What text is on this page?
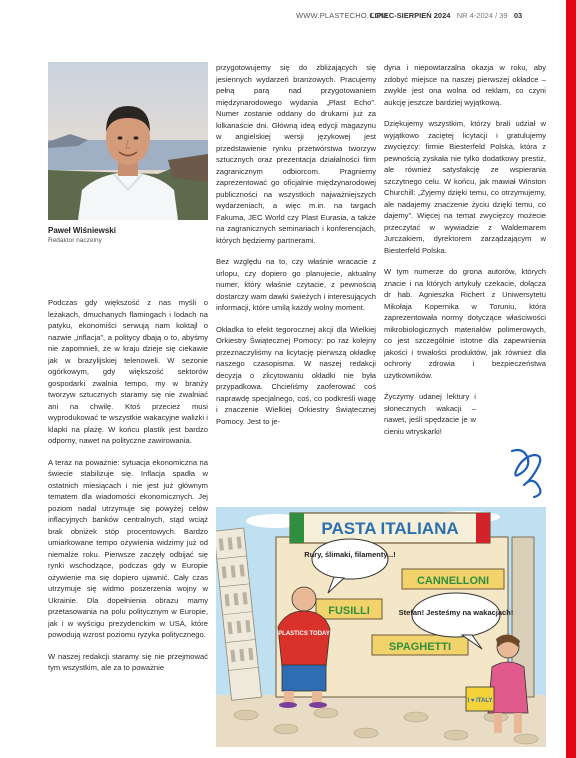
WWW.PLASTECHO.COM
LIPIEC-SIERPIEŃ 2024 NR 4-2024 / 39 03
Paweł Wiśniewski
Redaktor naczelny

Podczas gdy większość z nas myśli o leżakach, dmuchanych flamingach i lodach na patyku, ekonomiści serwują nam koktajl o nazwie „inflacja”, a politycy dbają o to, abyśmy nie zapomnieli, że w kraju dzieje się ciekawie jak w brazylijskiej telenoweli. W sezonie ogórkowym, gdy większość sektorów gospodarki zwalnia tempo, my w branży tworzyw sztucznych staramy się nie zwalniać ani na chwilę. Ktoś przecież musi wyprodukować te wszystkie wakacyjne walizki i klapki na plażę. W końcu plastik jest bardzo odporny, nawet na polityczne zawirowania.

A teraz na poważnie: sytuacja ekonomiczna na świecie stabilizuje się. Inflacja spadła w ostatnich miesiącach i nie jest już głównym tematem dla wiadomości ekonomicznych. Jej poziom nadal utrzymuje się powyżej celów inflacyjnych banków centralnych, stąd wciąż brak obniżek stóp procentowych. Bardzo umiarkowane tempo ożywienia widzimy już od niemalże roku. Pierwsze zaczęły odbijać się rynki wschodzące, podczas gdy w Europie ożywienie ma się dopiero ujawnić. Cały czas utrzymuje się widmo poszerzenia wojny w Ukrainie. Dla dopełnienia obrazu mamy przetasowania na polu politycznym w Europie, jak i w wyścigu prezydenckim w USA, które powodują wzrost poziomu ryzyka politycznego.

W naszej redakcji staramy się nie przejmować tym wszystkim, ale za to poważnie

przygotowujemy się do zbliżających się jesiennych wydarzeń branżowych. Pracujemy pełną parą nad przygotowaniem międzynarodowego wydania „Plast Echo”. Numer zostanie oddany do drukarni już za kilkanaście dni. Główną ideą edycji magazynu w angielskiej wersji językowej jest przedstawienie rynku przetwórstwa tworzyw sztucznych oraz prezentacja działalności firm zagranicznym odbiorcom. Pragniemy zaprezentować go oficjalnie międzynarodowej publiczności na wszystkich najważniejszych wydarzeniach, a więc m.in. na targach Fakuma, JEC World czy Plast Eurasia, a także na zagranicznych seminariach i konferencjach, których będziemy partnerami.

Bez względu na to, czy właśnie wracacie z urlopu, czy dopiero go planujecie, aktualny numer, który właśnie czytacie, z pewnością dostarczy wam dawki świeżych i interesujących informacji, które umilą każdy wolny moment.

Okładka to efekt tegorocznej akcji dla Wielkiej Orkiestry Świątecznej Pomocy: po raz kolejny przeznaczyliśmy na licytację pierwszą okładkę naszego czasopisma. W naszej redakcji decyzja o zlicytowaniu okładki nie była przypadkowa. Chcieliśmy zaoferować coś naprawdę specjalnego, coś, co podkreśli wagę i znaczenie Wielkiej Orkiestry Świątecznej Pomocy. Jest to je-

dyna i niepowtarzalna okazja w roku, aby zdobyć miejsce na naszej pierwszej okładce – zwykle jest ona wolna od reklam, co czyni aukcję jeszcze bardziej wyjątkową.

Dziękujemy wszystkim, którzy brali udział w wyjątkowo zaciętej licytacji i gratulujemy zwycięzcy: firmie Biesterfeld Polska, która z pewnością zyskała nie tylko dodatkowy prestiż, ale również satysfakcję ze wspierania szczytnego celu. W końcu, jak mawiał Winston Churchill: „Żyjemy dzięki temu, co otrzymujemy, ale nadajemy znaczenie życiu dzięki temu, co dajemy”. Więcej na temat zwycięzcy możecie przeczytać w wywiadzie z Waldemarem Jurczakiem, dyrektorem zarządzającym w Biesterfeld Polska.

W tym numerze do grona autorów, których znacie i na których artykuły czekacie, dołącza dr hab. Agnieszka Richert z Uniwersytetu Mikołaja Kopernika w Toruniu, która zaprezentowała normy dotyczące właściwości mikrobiologicznych materiałów polimerowych, co jest szczególnie istotne dla zapewnienia jakości i trwałości produktów, jak również dla ochrony zdrowia i bezpieczeństwa użytkowników.

Życzymy udanej lektury i słonecznych wakacji – nawet, jeśli spędzacie je w cieniu wtryskarki!

PASTA ITALIANA
CANNELLONI
FUSILLI
SPAGHETTI
Rury, ślimaki, filamenty...!
Stefan! Jesteśmy na wakacjach!
PLASTICS TODAY
I ♥ ITALY
